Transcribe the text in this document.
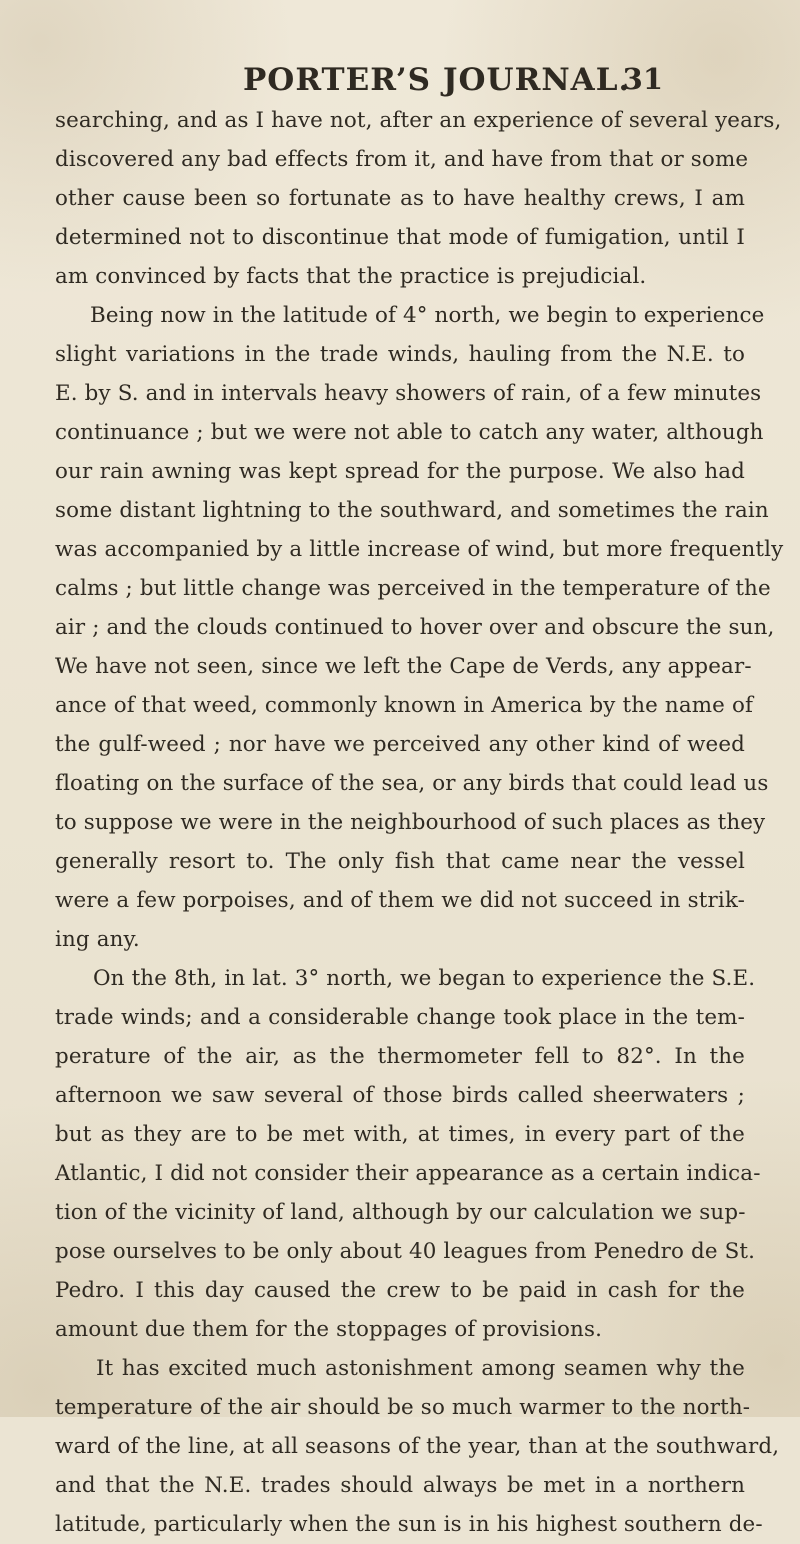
PORTER’S JOURNAL.
31
searching, and as I have not, after an experience of several years,
discovered any bad effects from it, and have from that or some
other cause been so fortunate as to have healthy crews, I am
determined not to discontinue that mode of fumigation, until I
am convinced by facts that the practice is prejudicial.
Being now in the latitude of 4° north, we begin to experience
slight variations in the trade winds, hauling from the N.E. to
E. by S. and in intervals heavy showers of rain, of a few minutes
continuance ; but we were not able to catch any water, although
our rain awning was kept spread for the purpose. We also had
some distant lightning to the southward, and sometimes the rain
was accompanied by a little increase of wind, but more frequently
calms ; but little change was perceived in the temperature of the
air ; and the clouds continued to hover over and obscure the sun,
We have not seen, since we left the Cape de Verds, any appear-
ance of that weed, commonly known in America by the name of
the gulf-weed ; nor have we perceived any other kind of weed
floating on the surface of the sea, or any birds that could lead us
to suppose we were in the neighbourhood of such places as they
generally resort to. The only fish that came near the vessel
were a few porpoises, and of them we did not succeed in strik-
ing any.
On the 8th, in lat. 3° north, we began to experience the S.E.
trade winds; and a considerable change took place in the tem-
perature of the air, as the thermometer fell to 82°. In the
afternoon we saw several of those birds called sheerwaters ;
but as they are to be met with, at times, in every part of the
Atlantic, I did not consider their appearance as a certain indica-
tion of the vicinity of land, although by our calculation we sup-
pose ourselves to be only about 40 leagues from Penedro de St.
Pedro. I this day caused the crew to be paid in cash for the
amount due them for the stoppages of provisions.
It has excited much astonishment among seamen why the
temperature of the air should be so much warmer to the north-
ward of the line, at all seasons of the year, than at the southward,
and that the N.E. trades should always be met in a northern
latitude, particularly when the sun is in his highest southern de-
